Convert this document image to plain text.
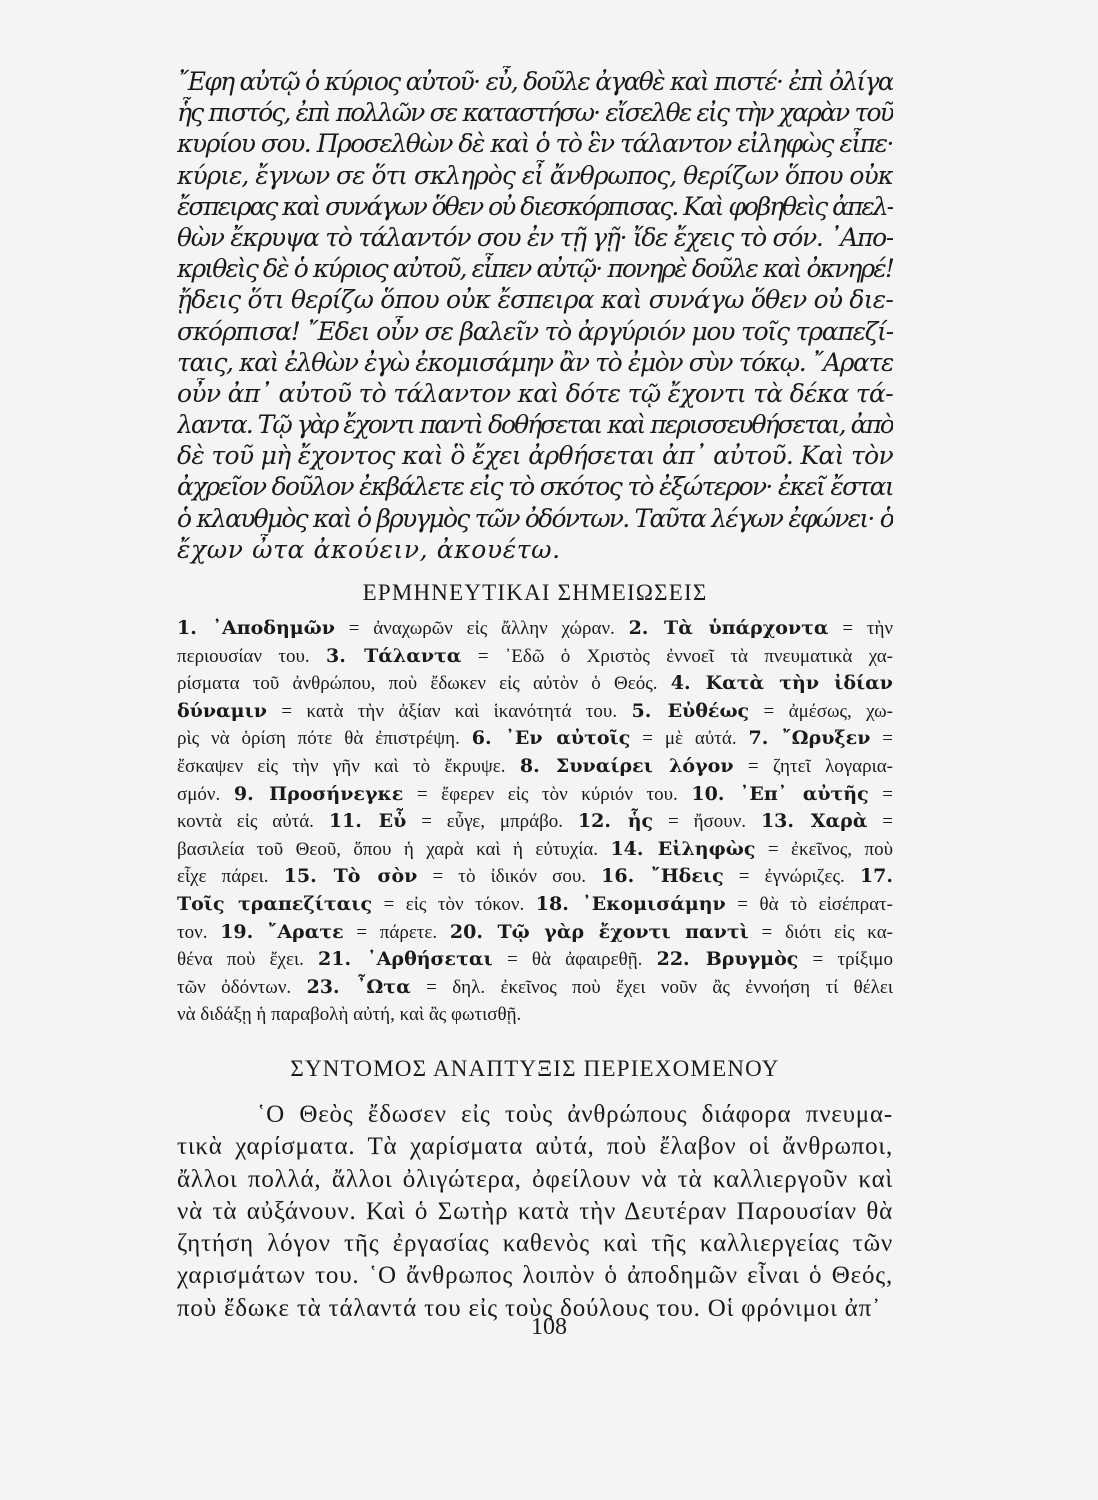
῎Εφη αὐτῷ ὁ κύριος αὐτοῦ· εὖ, δοῦλε ἀγαθὲ καὶ πιστέ· ἐπὶ ὀλίγα
ἧς πιστός, ἐπὶ πολλῶν σε καταστήσω· εἴσελθε εἰς τὴν χαρὰν τοῦ
κυρίου σου. Προσελθὼν δὲ καὶ ὁ τὸ ἓν τάλαντον εἰληφὼς εἶπε·
κύριε, ἔγνων σε ὅτι σκληρὸς εἶ ἄνθρωπος, θερίζων ὅπου οὐκ
ἔσπειρας καὶ συνάγων ὅθεν οὐ διεσκόρπισας. Καὶ φοβηθεὶς ἀπελ-
θὼν ἔκρυψα τὸ τάλαντόν σου ἐν τῇ γῇ· ἴδε ἔχεις τὸ σόν. ᾿Απο-
κριθεὶς δὲ ὁ κύριος αὐτοῦ, εἶπεν αὐτῷ· πονηρὲ δοῦλε καὶ ὀκνηρέ!
ᾔδεις ὅτι θερίζω ὅπου οὐκ ἔσπειρα καὶ συνάγω ὅθεν οὐ διε-
σκόρπισα! ῎Εδει οὖν σε βαλεῖν τὸ ἀργύριόν μου τοῖς τραπεζί-
ταις, καὶ ἐλθὼν ἐγὼ ἐκομισάμην ἂν τὸ ἐμὸν σὺν τόκῳ. ῎Αρατε
οὖν ἀπ᾿ αὐτοῦ τὸ τάλαντον καὶ δότε τῷ ἔχοντι τὰ δέκα τά-
λαντα. Τῷ γὰρ ἔχοντι παντὶ δοθήσεται καὶ περισσευθήσεται, ἀπὸ
δὲ τοῦ μὴ ἔχοντος καὶ ὃ ἔχει ἀρθήσεται ἀπ᾿ αὐτοῦ. Καὶ τὸν
ἀχρεῖον δοῦλον ἐκβάλετε εἰς τὸ σκότος τὸ ἐξώτερον· ἐκεῖ ἔσται
ὁ κλαυθμὸς καὶ ὁ βρυγμὸς τῶν ὀδόντων. Ταῦτα λέγων ἐφώνει· ὁ
ἔχων ὦτα ἀκούειν, ἀκουέτω.
ΕΡΜΗΝΕΥΤΙΚΑΙ ΣΗΜΕΙΩΣΕΙΣ
1. ᾿Αποδημῶν = ἀναχωρῶν εἰς ἄλλην χώραν. 2. Τὰ ὑπάρχοντα = τὴν
περιουσίαν του. 3. Τάλαντα = ᾿Εδῶ ὁ Χριστὸς ἐννοεῖ τὰ πνευματικὰ χα-
ρίσματα τοῦ ἀνθρώπου, ποὺ ἔδωκεν εἰς αὐτὸν ὁ Θεός. 4. Κατὰ τὴν ἰδίαν
δύναμιν = κατὰ τὴν ἀξίαν καὶ ἱκανότητά του. 5. Εὐθέως = ἀμέσως, χω-
ρὶς νὰ ὁρίση πότε θὰ ἐπιστρέψη. 6. ᾿Εν αὐτοῖς = μὲ αὐτά. 7. ῎Ωρυξεν =
ἔσκαψεν εἰς τὴν γῆν καὶ τὸ ἔκρυψε. 8. Συναίρει λόγον = ζητεῖ λογαρια-
σμόν. 9. Προσήνεγκε = ἔφερεν εἰς τὸν κύριόν του. 10. ᾿Επ᾿ αὐτῆς =
κοντὰ εἰς αὐτά. 11. Εὖ = εὖγε, μπράβο. 12. ἧς = ἤσουν. 13. Χαρὰ =
βασιλεία τοῦ Θεοῦ, ὅπου ἡ χαρὰ καὶ ἡ εὐτυχία. 14. Εἰληφὼς = ἐκεῖνος, ποὺ
εἶχε πάρει. 15. Τὸ σὸν = τὸ ἰδικόν σου. 16. ῎Ηδεις = ἐγνώριζες. 17.
Τοῖς τραπεζίταις = εἰς τὸν τόκον. 18. ᾿Εκομισάμην = θὰ τὸ εἰσέπρατ-
τον. 19. ῎Αρατε = πάρετε. 20. Τῷ γὰρ ἔχοντι παντὶ = διότι εἰς κα-
θένα ποὺ ἔχει. 21. ᾿Αρθήσεται = θὰ ἀφαιρεθῇ. 22. Βρυγμὸς = τρίξιμο
τῶν ὀδόντων. 23. ῏Ωτα = δηλ. ἐκεῖνος ποὺ ἔχει νοῦν ἂς ἐννοήση τί θέλει
νὰ διδάξῃ ἡ παραβολὴ αὐτή, καὶ ἂς φωτισθῇ.
ΣΥΝΤΟΜΟΣ ΑΝΑΠΤΥΞΙΣ ΠΕΡΙΕΧΟΜΕΝΟΥ
῾Ο Θεὸς ἔδωσεν εἰς τοὺς ἀνθρώπους διάφορα πνευμα-
τικὰ χαρίσματα. Τὰ χαρίσματα αὐτά, ποὺ ἔλαβον οἱ ἄνθρωποι,
ἄλλοι πολλά, ἄλλοι ὀλιγώτερα, ὀφείλουν νὰ τὰ καλλιεργοῦν καὶ
νὰ τὰ αὐξάνουν. Καὶ ὁ Σωτὴρ κατὰ τὴν Δευτέραν Παρουσίαν θὰ
ζητήση λόγον τῆς ἐργασίας καθενὸς καὶ τῆς καλλιεργείας τῶν
χαρισμάτων του. ῾Ο ἄνθρωπος λοιπὸν ὁ ἀποδημῶν εἶναι ὁ Θεός,
ποὺ ἔδωκε τὰ τάλαντά του εἰς τοὺς δούλους του. Οἱ φρόνιμοι ἀπ᾿
108
